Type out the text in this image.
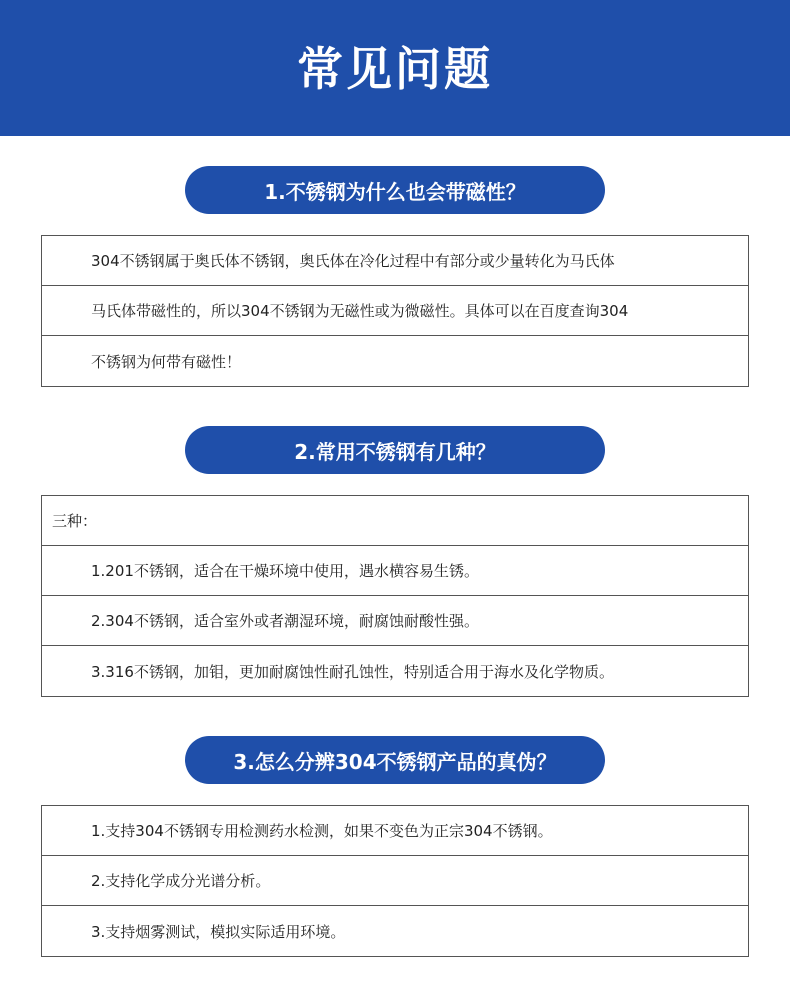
常见问题
1.不锈钢为什么也会带磁性？
304不锈钢属于奥氏体不锈钢，奥氏体在冷化过程中有部分或少量转化为马氏体
马氏体带磁性的，所以304不锈钢为无磁性或为微磁性。具体可以在百度查询304
不锈钢为何带有磁性！
2.常用不锈钢有几种？
三种：
1.201不锈钢，适合在干燥环境中使用，遇水横容易生锈。
2.304不锈钢，适合室外或者潮湿环境，耐腐蚀耐酸性强。
3.316不锈钢，加钼，更加耐腐蚀性耐孔蚀性，特别适合用于海水及化学物质。
3.怎么分辨304不锈钢产品的真伪？
1.支持304不锈钢专用检测药水检测，如果不变色为正宗304不锈钢。
2.支持化学成分光谱分析。
3.支持烟雾测试，模拟实际适用环境。
